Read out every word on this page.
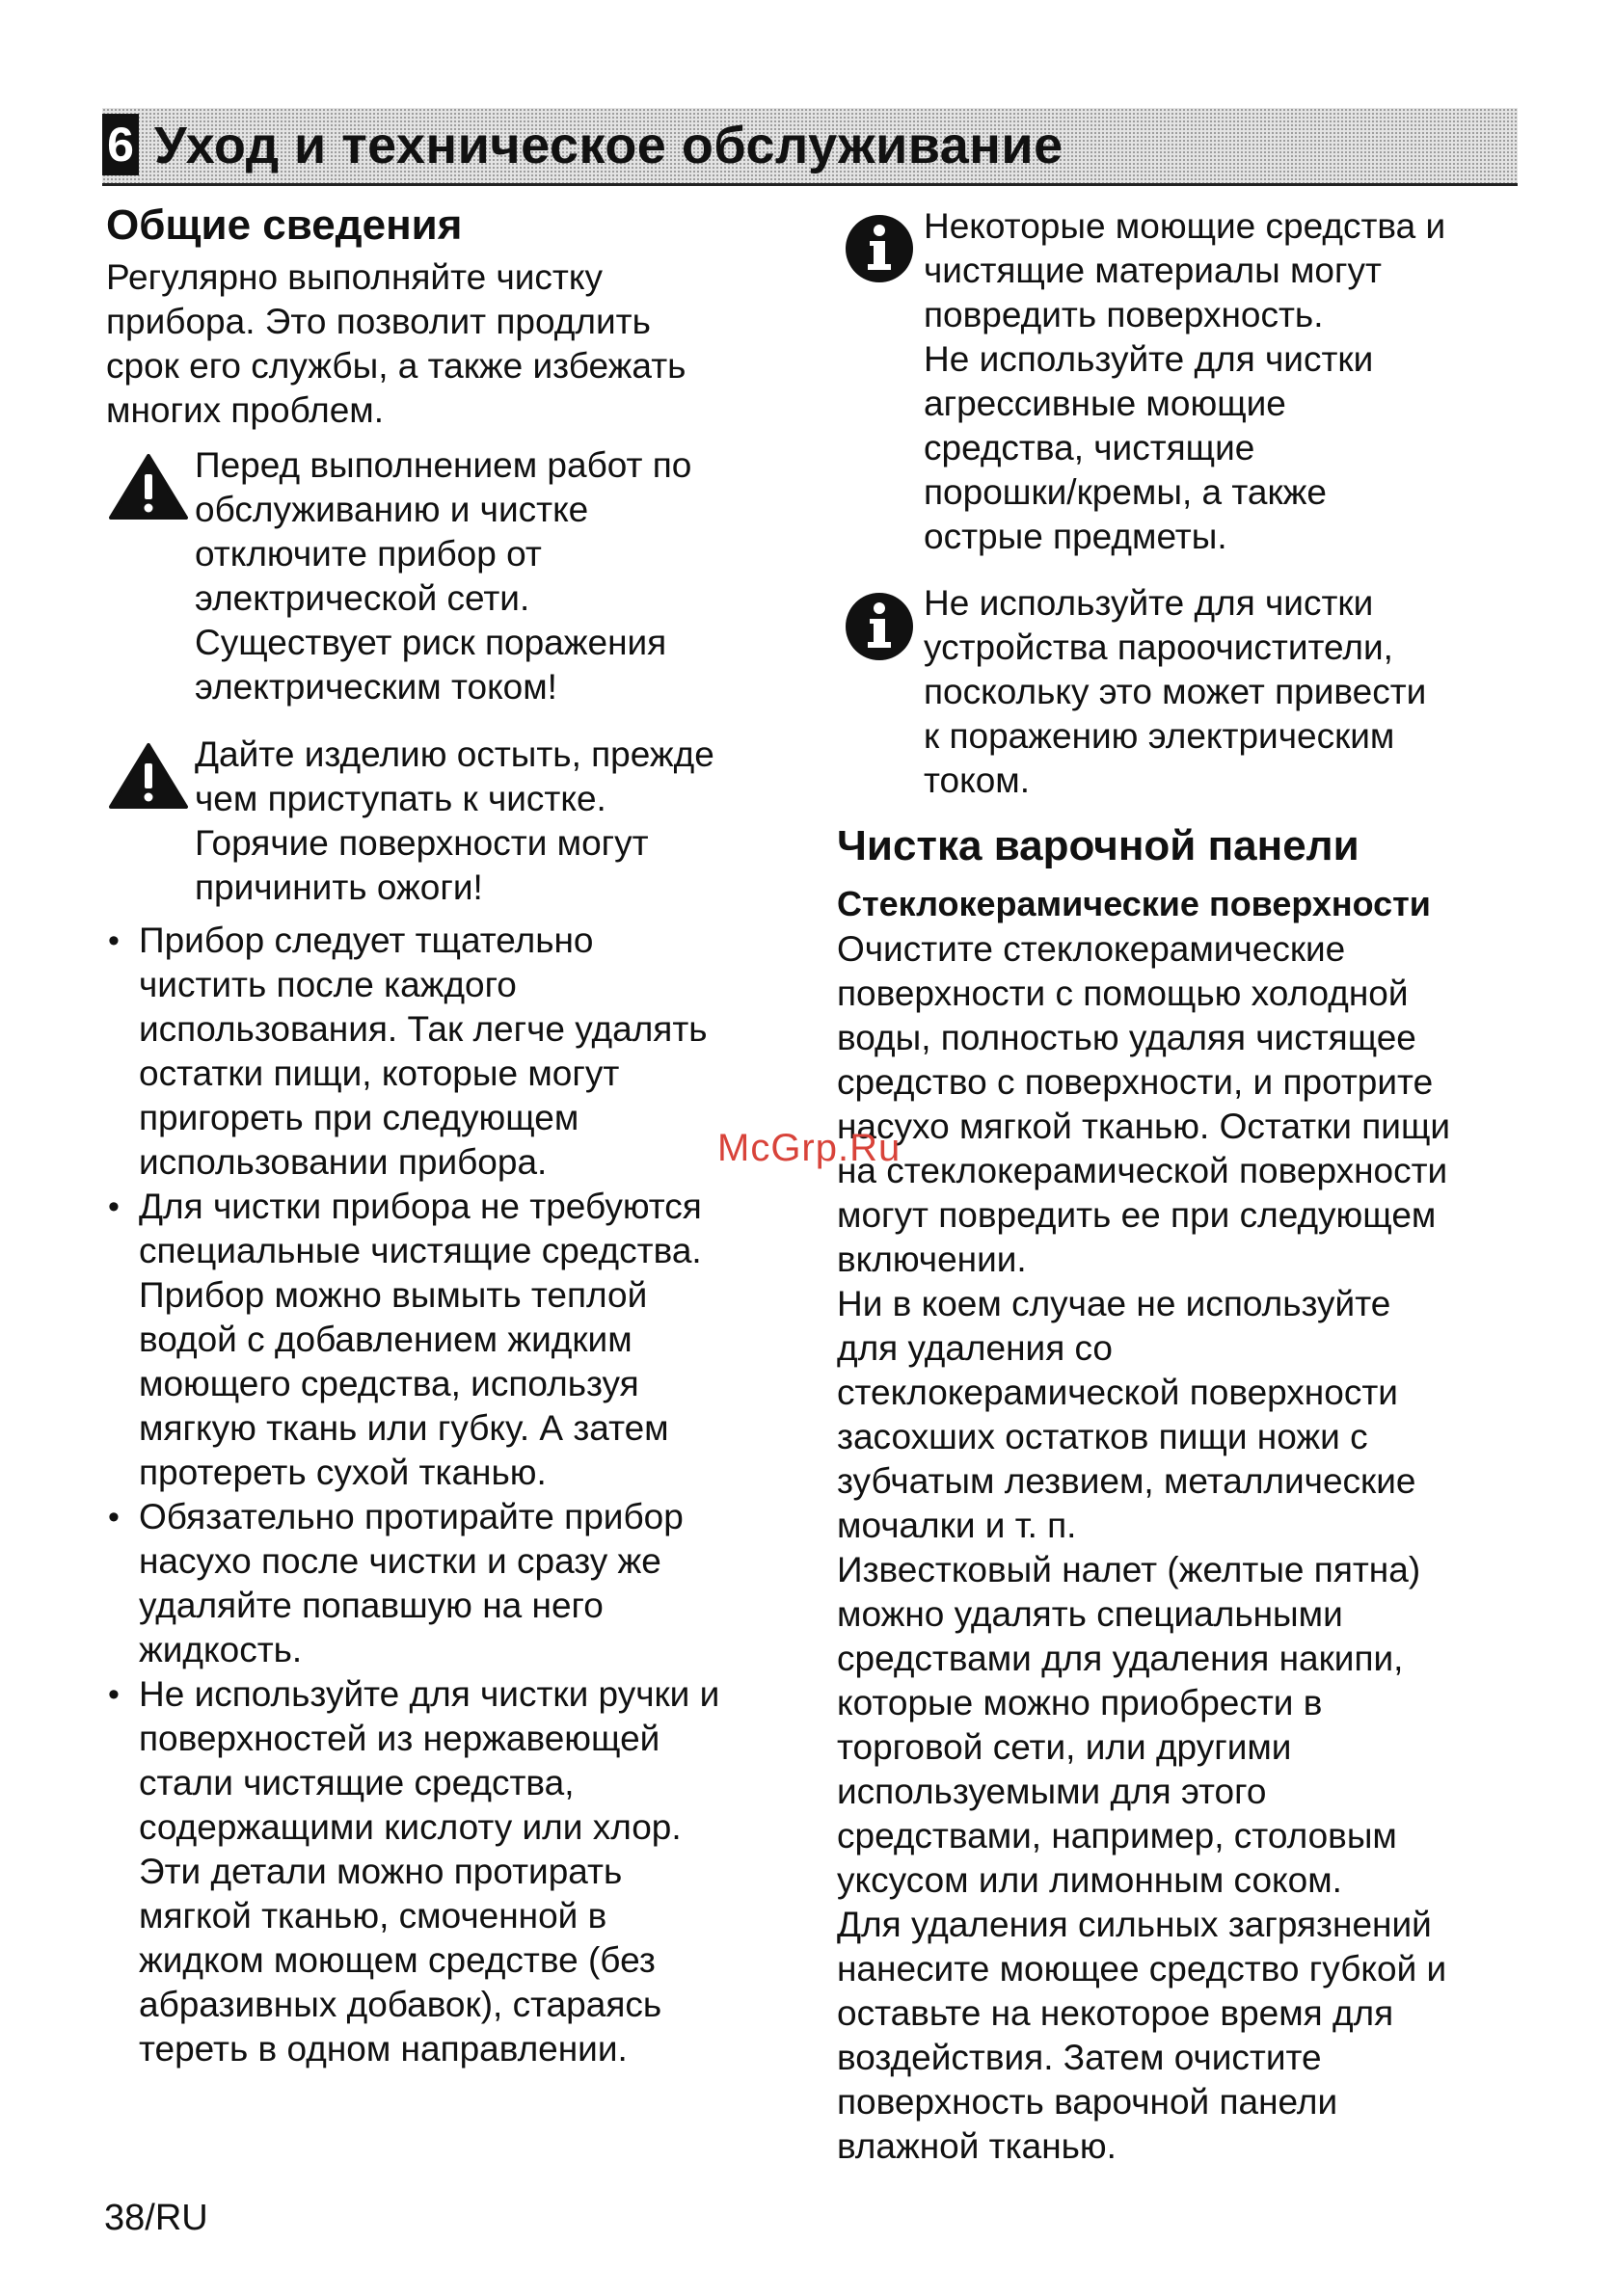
6 Уход и техническое обслуживание
Общие сведения
Регулярно выполняйте чистку
прибора. Это позволит продлить
срок его службы, а также избежать
многих проблем.
Перед выполнением работ по
обслуживанию и чистке
отключите прибор от
электрической сети.
Существует риск поражения
электрическим током!
Дайте изделию остыть, прежде
чем приступать к чистке.
Горячие поверхности могут
причинить ожоги!
• Прибор следует тщательно
чистить после каждого
использования. Так легче удалять
остатки пищи, которые могут
пригореть при следующем
использовании прибора.
• Для чистки прибора не требуются
специальные чистящие средства.
Прибор можно вымыть теплой
водой с добавлением жидким
моющего средства, используя
мягкую ткань или губку. А затем
протереть сухой тканью.
• Обязательно протирайте прибор
насухо после чистки и сразу же
удаляйте попавшую на него
жидкость.
• Не используйте для чистки ручки и
поверхностей из нержавеющей
стали чистящие средства,
содержащими кислоту или хлор.
Эти детали можно протирать
мягкой тканью, смоченной в
жидком моющем средстве (без
абразивных добавок), стараясь
тереть в одном направлении.
Некоторые моющие средства и
чистящие материалы могут
повредить поверхность.
Не используйте для чистки
агрессивные моющие
средства, чистящие
порошки/кремы, а также
острые предметы.
Не используйте для чистки
устройства пароочистители,
поскольку это может привести
к поражению электрическим
током.
Чистка варочной панели
Стеклокерамические поверхности
Очистите стеклокерамические
поверхности с помощью холодной
воды, полностью удаляя чистящее
средство с поверхности, и протрите
насухо мягкой тканью. Остатки пищи
на стеклокерамической поверхности
могут повредить ее при следующем
включении.
Ни в коем случае не используйте
для удаления со
стеклокерамической поверхности
засохших остатков пищи ножи с
зубчатым лезвием, металлические
мочалки и т. п.
Известковый налет (желтые пятна)
можно удалять специальными
средствами для удаления накипи,
которые можно приобрести в
торговой сети, или другими
используемыми для этого
средствами, например, столовым
уксусом или лимонным соком.
Для удаления сильных загрязнений
нанесите моющее средство губкой и
оставьте на некоторое время для
воздействия. Затем очистите
поверхность варочной панели
влажной тканью.
McGrp.Ru
38/RU
